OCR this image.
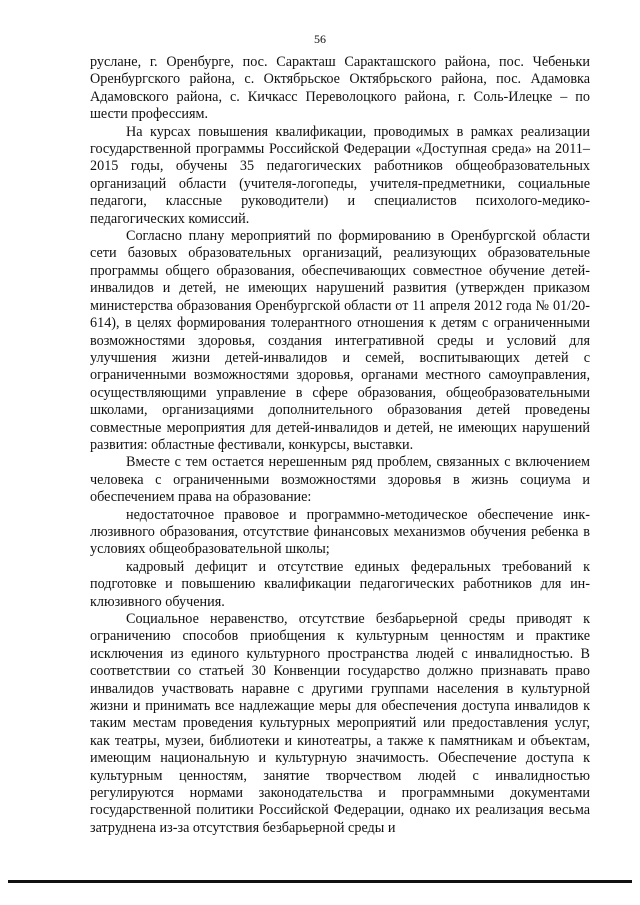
56

руслане, г. Оренбурге, пос. Саракташ Саракташского района, пос. Чебеньки Оренбургского района, с. Октябрьское Октябрьского района, пос. Адамовка Адамовского района, с. Кичкасс Переволоцкого района, г. Соль-Илецке – по шести профессиям.

На курсах повышения квалификации, проводимых в рамках реализации государственной программы Российской Федерации «Доступная среда» на 2011–2015 годы, обучены 35 педагогических работников общеобразовательных организаций области (учителя-логопеды, учителя-предметники, социальные педагоги, классные руководители) и специалистов психолого-медико-педагогических комиссий.

Согласно плану мероприятий по формированию в Оренбургской области сети базовых образовательных организаций, реализующих образовательные программы общего образования, обеспечивающих совместное обучение детей-инвалидов и детей, не имеющих нарушений развития (утвержден приказом министерства образования Оренбургской области от 11 апреля 2012 года № 01/20-614), в целях формирования толерантного отношения к детям с ограниченными возможностями здоровья, создания интегративной среды и условий для улучшения жизни детей-инвалидов и семей, воспитывающих детей с ограниченными возможностями здоровья, органами местного самоуправления, осуществляющими управление в сфере образования, общеобразовательными школами, организациями дополнительного образования детей проведены совместные мероприятия для детей-инвалидов и детей, не имеющих нарушений развития: областные фестивали, конкурсы, выставки.

Вместе с тем остается нерешенным ряд проблем, связанных с включением человека с ограниченными возможностями здоровья в жизнь социума и обеспечением права на образование:

недостаточное правовое и программно-методическое обеспечение инклюзивного образования, отсутствие финансовых механизмов обучения ребенка в условиях общеобразовательной школы;

кадровый дефицит и отсутствие единых федеральных требований к подготовке и повышению квалификации педагогических работников для инклюзивного обучения.

Социальное неравенство, отсутствие безбарьерной среды приводят к ограничению способов приобщения к культурным ценностям и практике исключения из единого культурного пространства людей с инвалидностью. В соответствии со статьей 30 Конвенции государство должно признавать право инвалидов участвовать наравне с другими группами населения в культурной жизни и принимать все надлежащие меры для обеспечения доступа инвалидов к таким местам проведения культурных мероприятий или предоставления услуг, как театры, музеи, библиотеки и кинотеатры, а также к памятникам и объектам, имеющим национальную и культурную значимость. Обеспечение доступа к культурным ценностям, занятие творчеством людей с инвалидностью регулируются нормами законодательства и программными документами государственной политики Российской Федерации, однако их реализация весьма затруднена из-за отсутствия безбарьерной среды и
